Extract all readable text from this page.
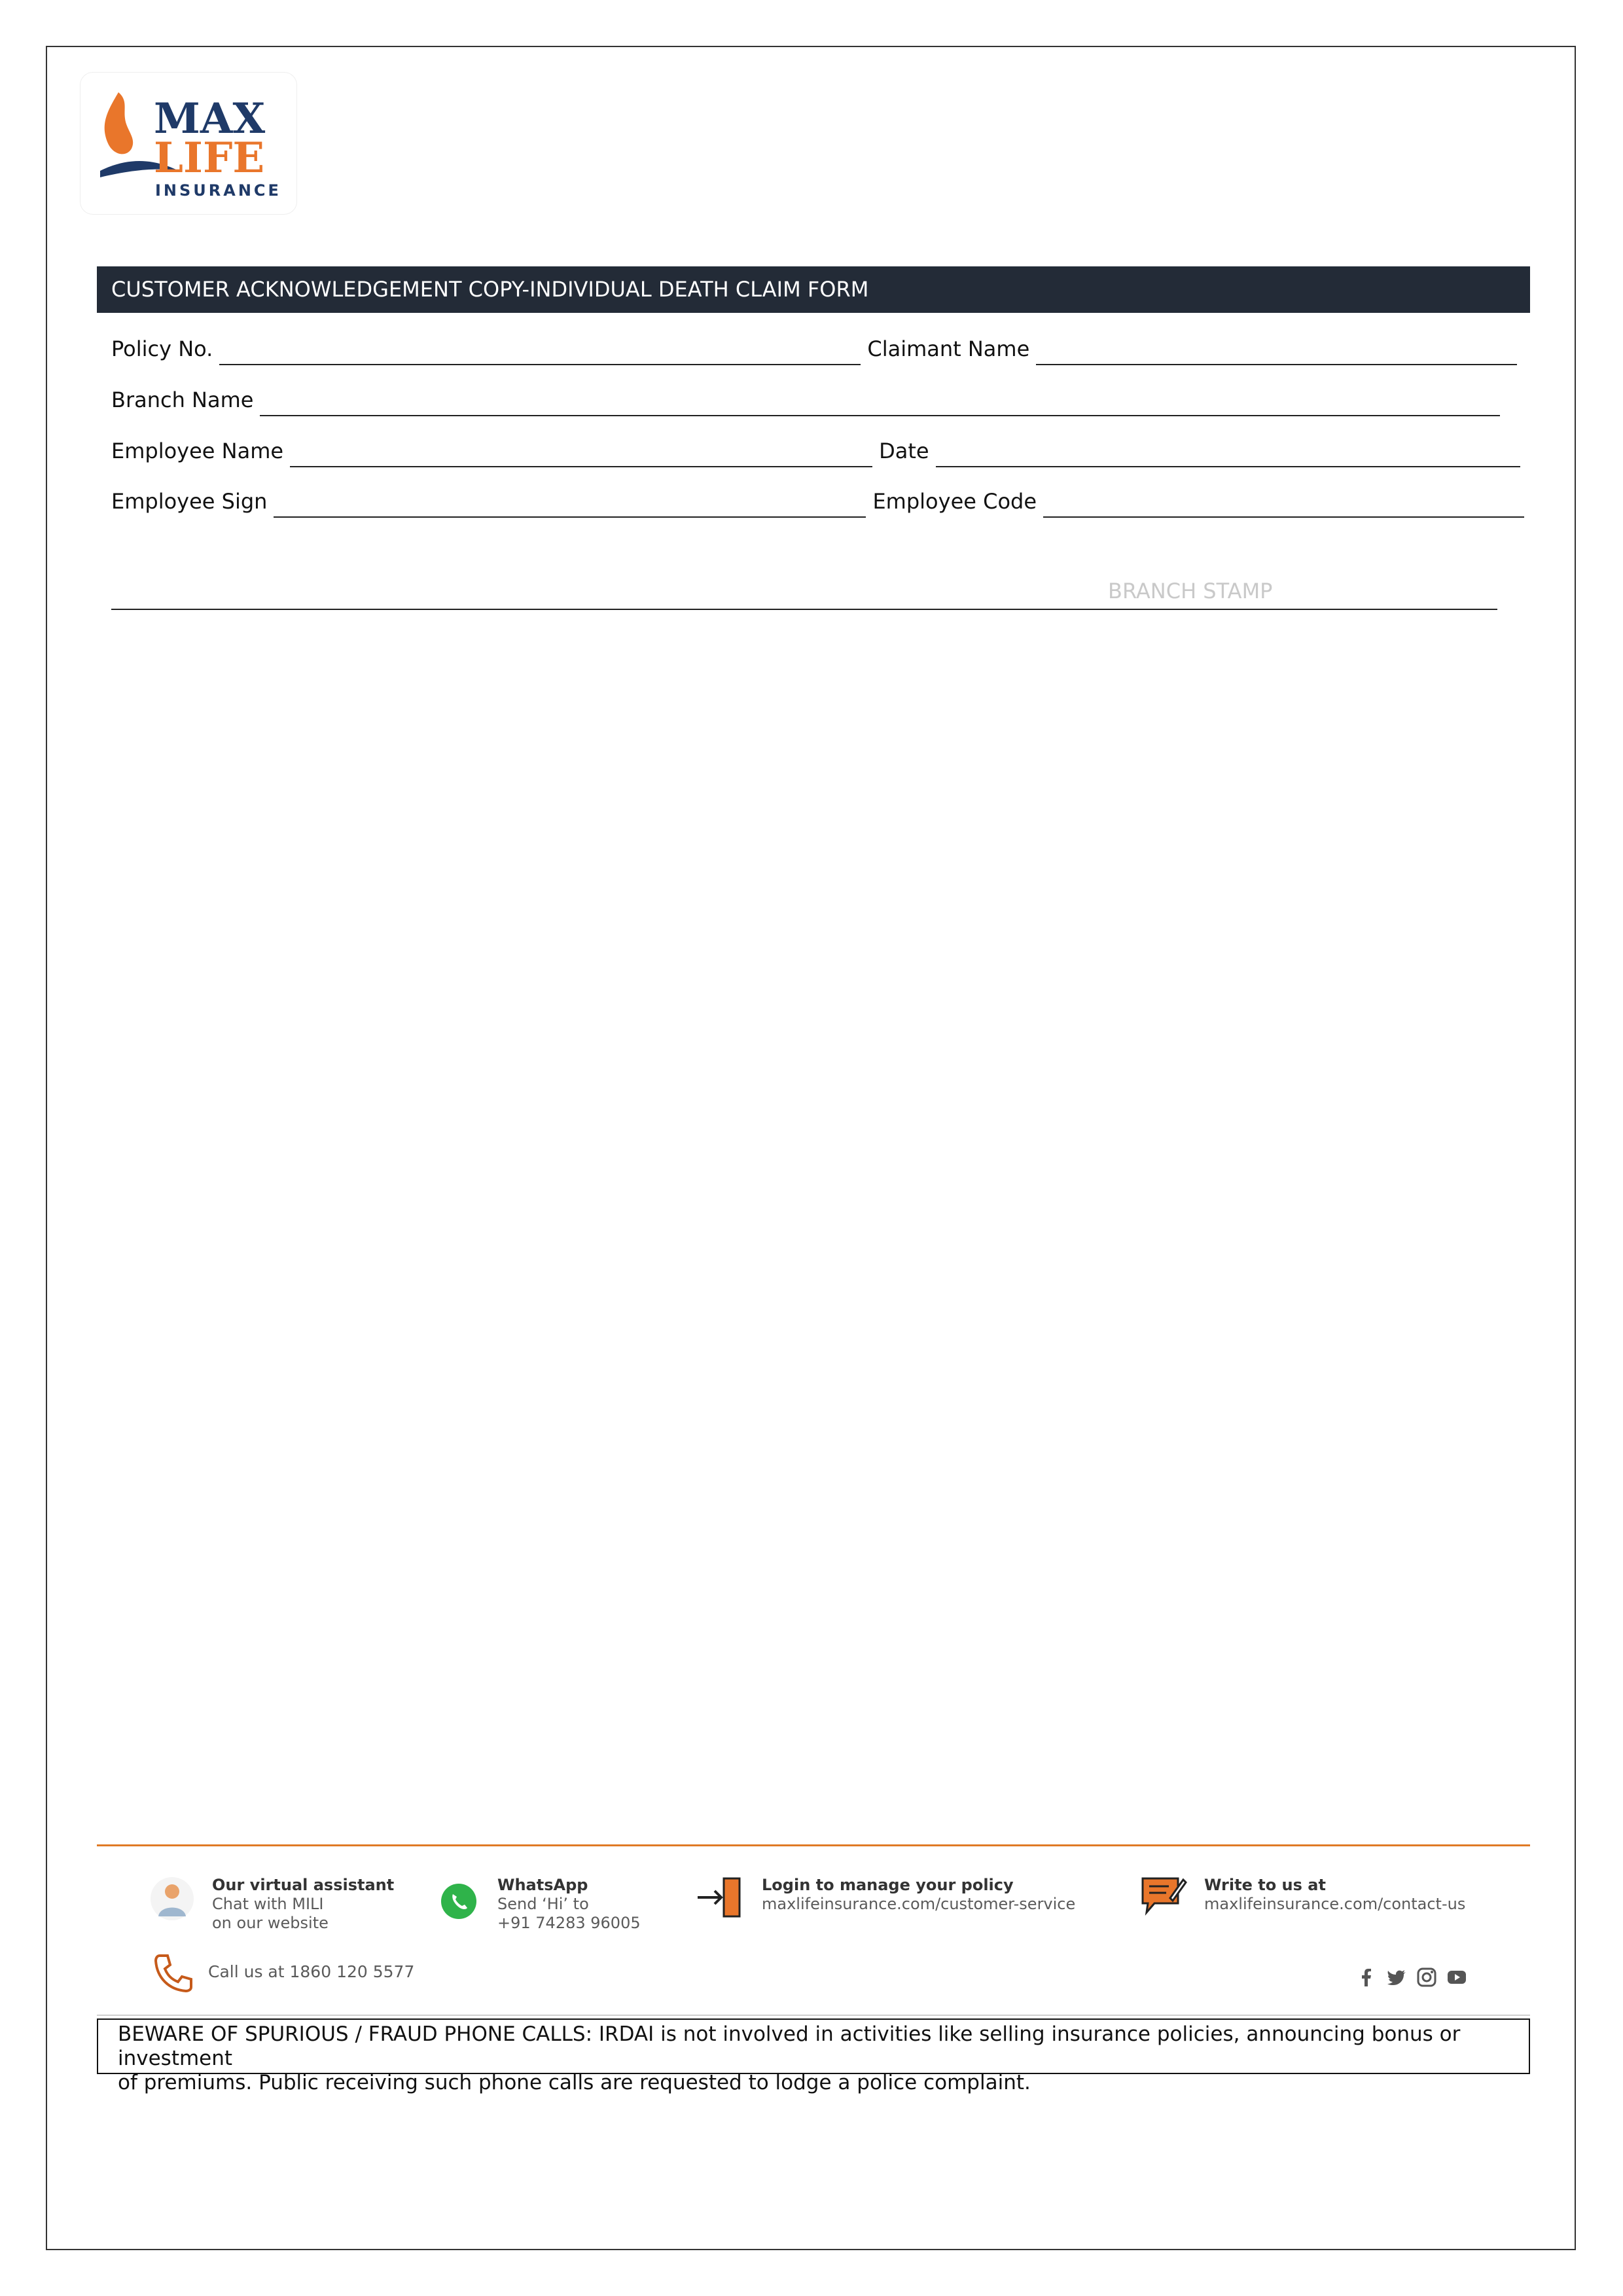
MAX
LIFE
INSURANCE
CUSTOMER ACKNOWLEDGEMENT COPY-INDIVIDUAL DEATH CLAIM FORM
Policy No.	Claimant Name
Branch Name
Employee Name	Date
Employee Sign	Employee Code
BRANCH STAMP
Our virtual assistant
Chat with MILI
on our website
WhatsApp
Send ‘Hi’ to
+91 74283 96005
Login to manage your policy
maxlifeinsurance.com/customer-service
Write to us at
maxlifeinsurance.com/contact-us
Call us at 1860 120 5577
BEWARE OF SPURIOUS / FRAUD PHONE CALLS: IRDAI is not involved in activities like selling insurance policies, announcing bonus or investment
of premiums. Public receiving such phone calls are requested to lodge a police complaint.
